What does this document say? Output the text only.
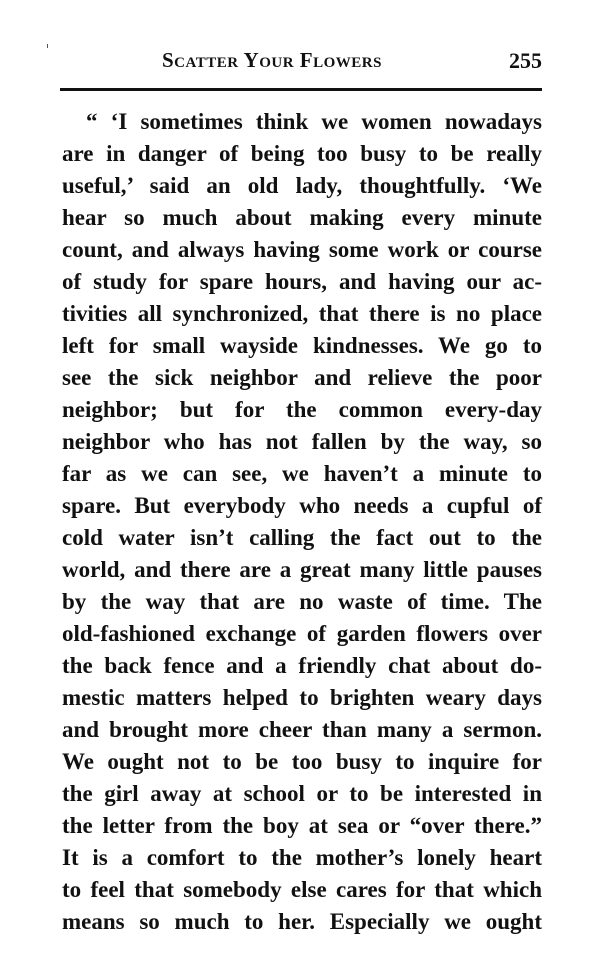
Scatter Your Flowers	255
“ ‘I sometimes think we women nowadays
are in danger of being too busy to be really
useful,’ said an old lady, thoughtfully. ‘We
hear so much about making every minute
count, and always having some work or course
of study for spare hours, and having our ac-
tivities all synchronized, that there is no place
left for small wayside kindnesses. We go to
see the sick neighbor and relieve the poor
neighbor; but for the common every-day
neighbor who has not fallen by the way, so
far as we can see, we haven’t a minute to
spare. But everybody who needs a cupful of
cold water isn’t calling the fact out to the
world, and there are a great many little pauses
by the way that are no waste of time. The
old-fashioned exchange of garden flowers over
the back fence and a friendly chat about do-
mestic matters helped to brighten weary days
and brought more cheer than many a sermon.
We ought not to be too busy to inquire for
the girl away at school or to be interested in
the letter from the boy at sea or “over there.”
It is a comfort to the mother’s lonely heart
to feel that somebody else cares for that which
means so much to her. Especially we ought
